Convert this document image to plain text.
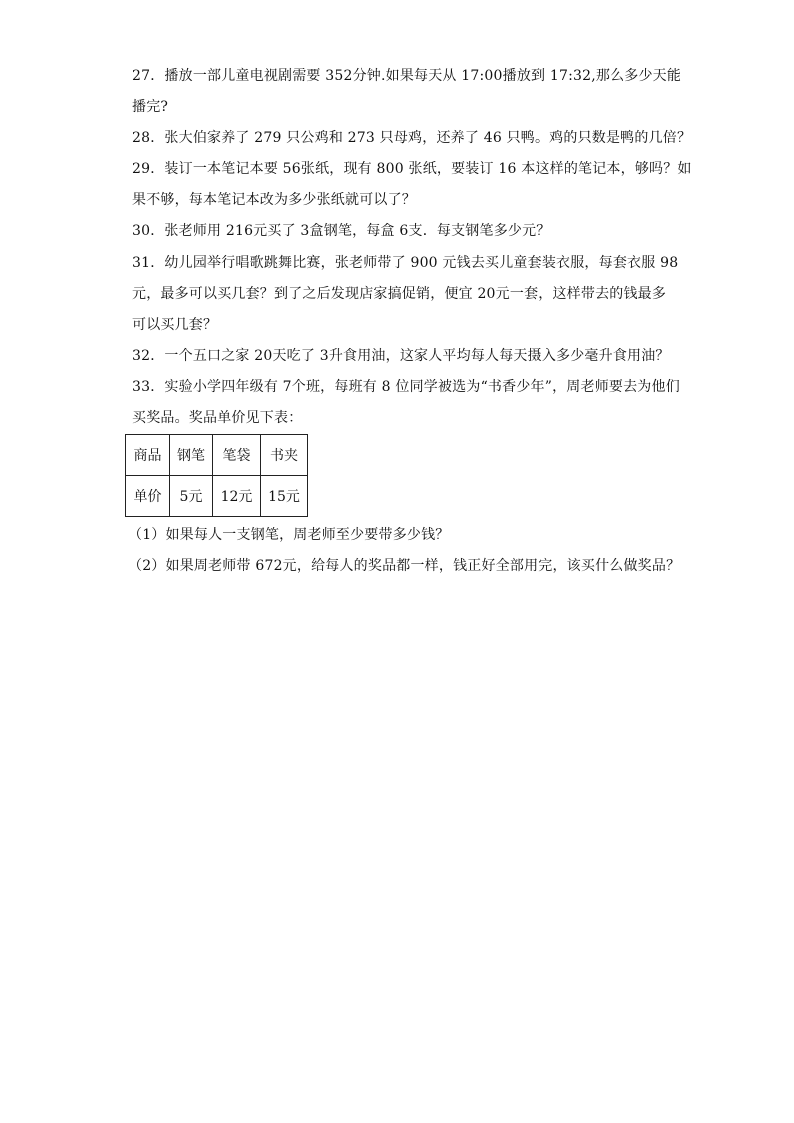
27．播放一部儿童电视剧需要 352分钟.如果每天从 17:00播放到 17:32,那么多少天能
播完?
28．张大伯家养了 279 只公鸡和 273 只母鸡，还养了 46 只鸭。鸡的只数是鸭的几倍？
29．装订一本笔记本要 56张纸，现有 800 张纸，要装订 16 本这样的笔记本，够吗？如
果不够，每本笔记本改为多少张纸就可以了？
30．张老师用 216元买了 3盒钢笔，每盒 6支．每支钢笔多少元？
31．幼儿园举行唱歌跳舞比赛，张老师带了 900 元钱去买儿童套装衣服，每套衣服 98
元，最多可以买几套？到了之后发现店家搞促销，便宜 20元一套，这样带去的钱最多
可以买几套？
32．一个五口之家 20天吃了 3升食用油，这家人平均每人每天摄入多少毫升食用油？
33．实验小学四年级有 7个班，每班有 8 位同学被选为“书香少年”，周老师要去为他们
买奖品。奖品单价见下表：
商品	钢笔	笔袋	书夹
单价	5元	12元	15元
（1）如果每人一支钢笔，周老师至少要带多少钱？
（2）如果周老师带 672元，给每人的奖品都一样，钱正好全部用完，该买什么做奖品？
